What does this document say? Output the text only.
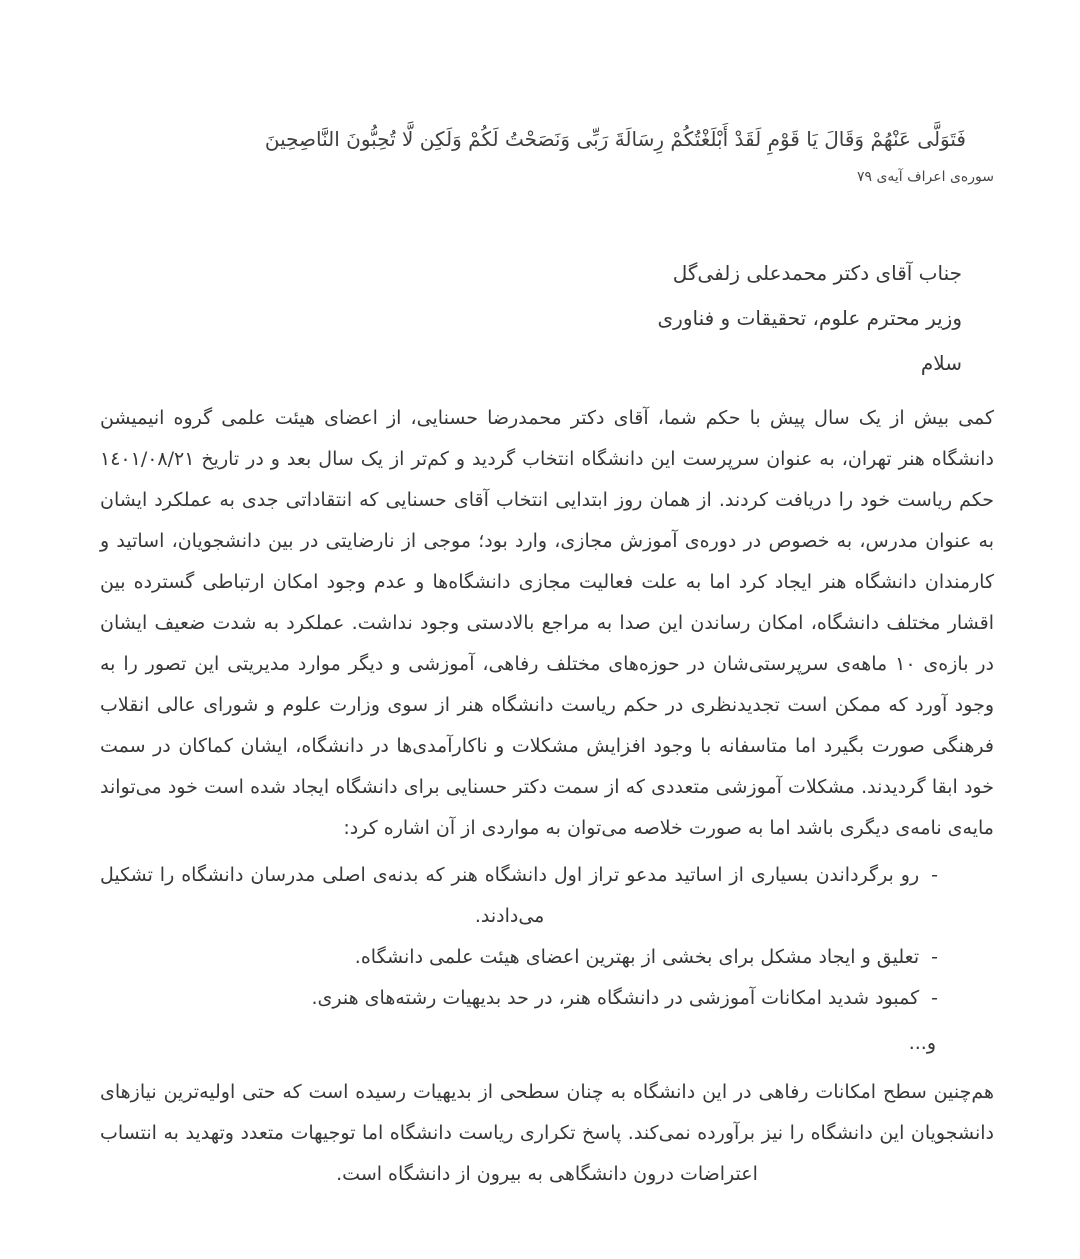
فَتَوَلَّى عَنْهُمْ وَقَالَ يَا قَوْمِ لَقَدْ أَبْلَغْتُكُمْ رِسَالَةَ رَبِّى وَنَصَحْتُ لَكُمْ وَلَكِن لَّا تُحِبُّونَ النَّاصِحِينَ
سوره‌ی اعراف آیه‌ی ٧٩
جناب آقای دکتر محمدعلی زلفی‌گل
وزیر محترم علوم، تحقیقات و فناوری
سلام

کمی بیش از یک سال پیش با حکم شما، آقای دکتر محمدرضا حسنایی، از اعضای هیئت علمی گروه انیمیشن دانشگاه هنر تهران، به عنوان سرپرست این دانشگاه انتخاب گردید و کم‌تر از یک سال بعد و در تاریخ ١٤٠١/٠٨/٢١ حکم ریاست خود را دریافت کردند. از همان روز ابتدایی انتخاب آقای حسنایی که انتقاداتی جدی به عملکرد ایشان به عنوان مدرس، به خصوص در دوره‌ی آموزش مجازی، وارد بود؛ موجی از نارضایتی در بین دانشجویان، اساتید و کارمندان دانشگاه هنر ایجاد کرد اما به علت فعالیت مجازی دانشگاه‌ها و عدم وجود امکان ارتباطی گسترده بین اقشار مختلف دانشگاه، امکان رساندن این صدا به مراجع بالادستی وجود نداشت. عملکرد به شدت ضعیف ایشان در بازه‌ی ١٠ ماهه‌ی سرپرستی‌شان در حوزه‌های مختلف رفاهی، آموزشی و دیگر موارد مدیریتی این تصور را به وجود آورد که ممکن است تجدیدنظری در حکم ریاست دانشگاه هنر از سوی وزارت علوم و شورای عالی انقلاب فرهنگی صورت بگیرد اما متاسفانه با وجود افزایش مشکلات و ناکارآمدی‌ها در دانشگاه، ایشان کماکان در سمت خود ابقا گردیدند. مشکلات آموزشی متعددی که از سمت دکتر حسنایی برای دانشگاه ایجاد شده است خود می‌تواند مایه‌ی نامه‌ی دیگری باشد اما به صورت خلاصه می‌توان به مواردی از آن اشاره کرد:

-
رو برگرداندن بسیاری از اساتید مدعو تراز اول دانشگاه هنر که بدنه‌ی اصلی مدرسان دانشگاه را تشکیل می‌دادند.
-
تعلیق و ایجاد مشکل برای بخشی از بهترین اعضای هیئت علمی دانشگاه.
-
کمبود شدید امکانات آموزشی در دانشگاه هنر، در حد بدیهیات رشته‌های هنری.
و...

هم‌چنین سطح امکانات رفاهی در این دانشگاه به چنان سطحی از بدیهیات رسیده است که حتی اولیه‌ترین نیازهای دانشجویان این دانشگاه را نیز برآورده نمی‌کند. پاسخ تکراری ریاست دانشگاه اما توجیهات متعدد وتهدید به انتساب اعتراضات درون دانشگاهی به بیرون از دانشگاه است.
